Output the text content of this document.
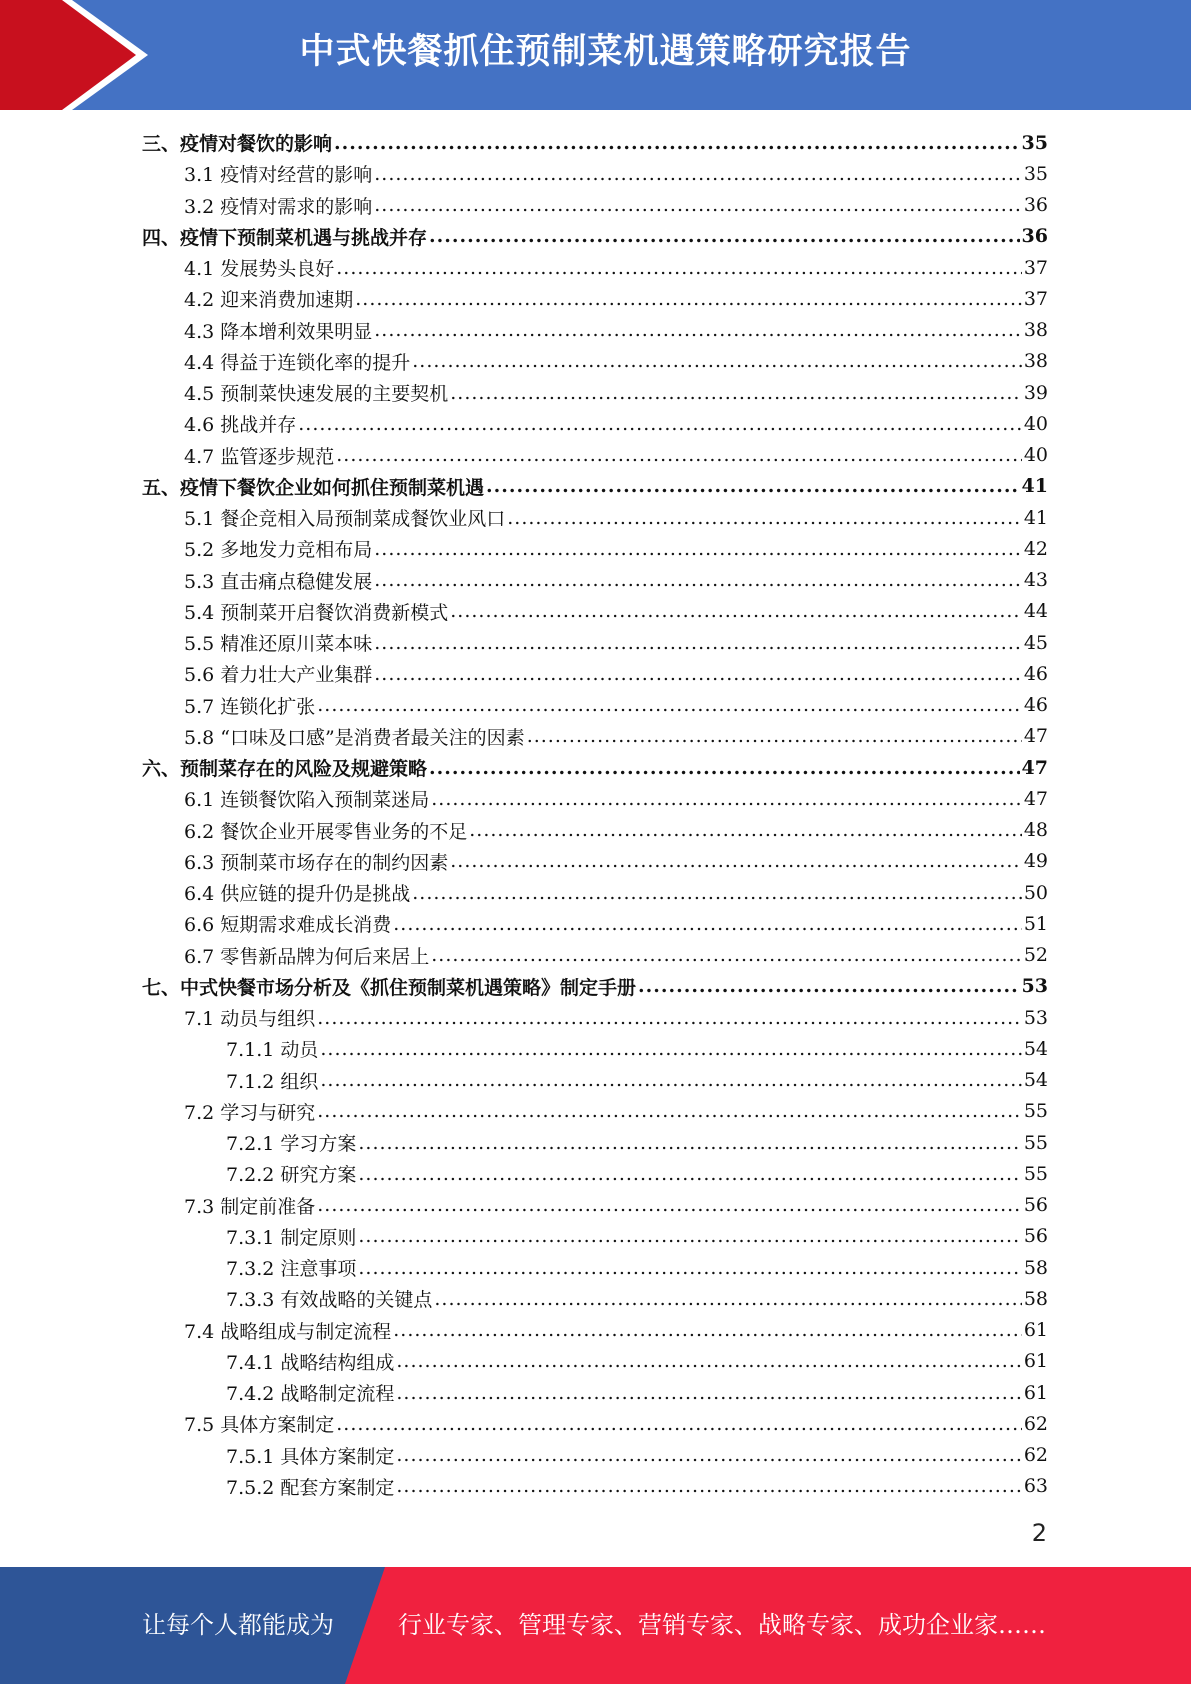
中式快餐抓住预制菜机遇策略研究报告
三、疫情对餐饮的影响 .....	35
3.1 疫情对经营的影响 .....	35
3.2 疫情对需求的影响 .....	36
四、疫情下预制菜机遇与挑战并存 .....	36
4.1 发展势头良好 .....	37
4.2 迎来消费加速期 .....	37
4.3 降本增利效果明显 .....	38
4.4 得益于连锁化率的提升 .....	38
4.5 预制菜快速发展的主要契机 .....	39
4.6 挑战并存 .....	40
4.7 监管逐步规范 .....	40
五、疫情下餐饮企业如何抓住预制菜机遇 .....	41
5.1 餐企竞相入局预制菜成餐饮业风口 .....	41
5.2 多地发力竞相布局 .....	42
5.3 直击痛点稳健发展 .....	43
5.4 预制菜开启餐饮消费新模式 .....	44
5.5 精准还原川菜本味 .....	45
5.6 着力壮大产业集群 .....	46
5.7 连锁化扩张 .....	46
5.8 “口味及口感”是消费者最关注的因素 .....	47
六、预制菜存在的风险及规避策略 .....	47
6.1 连锁餐饮陷入预制菜迷局 .....	47
6.2 餐饮企业开展零售业务的不足 .....	48
6.3 预制菜市场存在的制约因素 .....	49
6.4 供应链的提升仍是挑战 .....	50
6.6 短期需求难成长消费 .....	51
6.7 零售新品牌为何后来居上 .....	52
七、中式快餐市场分析及《抓住预制菜机遇策略》制定手册 .....	53
7.1 动员与组织 .....	53
7.1.1 动员 .....	54
7.1.2 组织 .....	54
7.2 学习与研究 .....	55
7.2.1 学习方案 .....	55
7.2.2 研究方案 .....	55
7.3 制定前准备 .....	56
7.3.1 制定原则 .....	56
7.3.2 注意事项 .....	58
7.3.3 有效战略的关键点 .....	58
7.4 战略组成与制定流程 .....	61
7.4.1 战略结构组成 .....	61
7.4.2 战略制定流程 .....	61
7.5 具体方案制定 .....	62
7.5.1 具体方案制定 .....	62
7.5.2 配套方案制定 .....	63
2
让每个人都能成为	行业专家、管理专家、营销专家、战略专家、成功企业家……
